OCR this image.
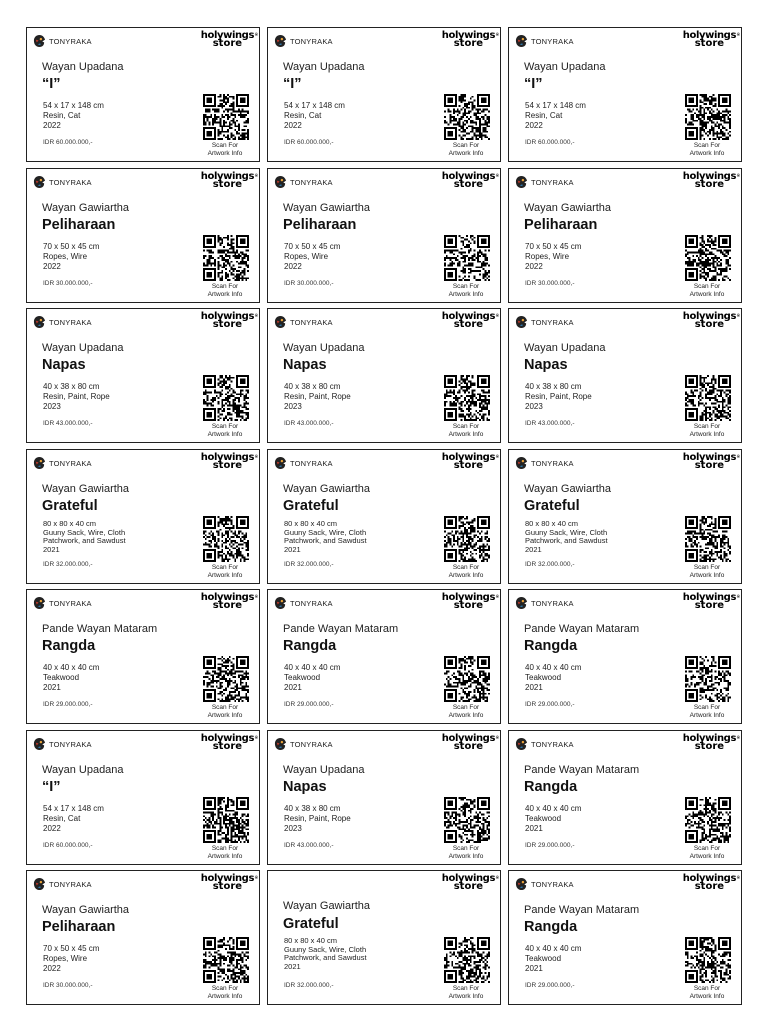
TONYRAKA	holywings ®
store
Wayan Upadana
“I”
54 x 17 x 148 cm
Resin, Cat
2022
IDR 60.000.000,-	Scan For
Artwork Info
TONYRAKA	holywings ®
store
Wayan Upadana
“I”
54 x 17 x 148 cm
Resin, Cat
2022
IDR 60.000.000,-	Scan For
Artwork Info
TONYRAKA	holywings ®
store
Wayan Upadana
“I”
54 x 17 x 148 cm
Resin, Cat
2022
IDR 60.000.000,-	Scan For
Artwork Info
TONYRAKA	holywings ®
store
Wayan Gawiartha
Peliharaan
70 x 50 x 45 cm
Ropes, Wire
2022
IDR 30.000.000,-	Scan For
Artwork Info
TONYRAKA	holywings ®
store
Wayan Gawiartha
Peliharaan
70 x 50 x 45 cm
Ropes, Wire
2022
IDR 30.000.000,-	Scan For
Artwork Info
TONYRAKA	holywings ®
store
Wayan Gawiartha
Peliharaan
70 x 50 x 45 cm
Ropes, Wire
2022
IDR 30.000.000,-	Scan For
Artwork Info
TONYRAKA	holywings ®
store
Wayan Upadana
Napas
40 x 38 x 80 cm
Resin, Paint, Rope
2023
IDR 43.000.000,-	Scan For
Artwork Info
TONYRAKA	holywings ®
store
Wayan Upadana
Napas
40 x 38 x 80 cm
Resin, Paint, Rope
2023
IDR 43.000.000,-	Scan For
Artwork Info
TONYRAKA	holywings ®
store
Wayan Upadana
Napas
40 x 38 x 80 cm
Resin, Paint, Rope
2023
IDR 43.000.000,-	Scan For
Artwork Info
TONYRAKA	holywings ®
store
Wayan Gawiartha
Grateful
80 x 80 x 40 cm
Guuny Sack, Wire, Cloth
Patchwork, and Sawdust
2021
IDR 32.000.000,-	Scan For
Artwork Info
TONYRAKA	holywings ®
store
Wayan Gawiartha
Grateful
80 x 80 x 40 cm
Guuny Sack, Wire, Cloth
Patchwork, and Sawdust
2021
IDR 32.000.000,-	Scan For
Artwork Info
TONYRAKA	holywings ®
store
Wayan Gawiartha
Grateful
80 x 80 x 40 cm
Guuny Sack, Wire, Cloth
Patchwork, and Sawdust
2021
IDR 32.000.000,-	Scan For
Artwork Info
TONYRAKA	holywings ®
store
Pande Wayan Mataram
Rangda
40 x 40 x 40 cm
Teakwood
2021
IDR 29.000.000,-	Scan For
Artwork Info
TONYRAKA	holywings ®
store
Pande Wayan Mataram
Rangda
40 x 40 x 40 cm
Teakwood
2021
IDR 29.000.000,-	Scan For
Artwork Info
TONYRAKA	holywings ®
store
Pande Wayan Mataram
Rangda
40 x 40 x 40 cm
Teakwood
2021
IDR 29.000.000,-	Scan For
Artwork Info
TONYRAKA	holywings ®
store
Wayan Upadana
“I”
54 x 17 x 148 cm
Resin, Cat
2022
IDR 60.000.000,-	Scan For
Artwork Info
TONYRAKA	holywings ®
store
Wayan Upadana
Napas
40 x 38 x 80 cm
Resin, Paint, Rope
2023
IDR 43.000.000,-	Scan For
Artwork Info
TONYRAKA	holywings ®
store
Pande Wayan Mataram
Rangda
40 x 40 x 40 cm
Teakwood
2021
IDR 29.000.000,-	Scan For
Artwork Info
TONYRAKA	holywings ®
store
Wayan Gawiartha
Peliharaan
70 x 50 x 45 cm
Ropes, Wire
2022
IDR 30.000.000,-	Scan For
Artwork Info
holywings ®
store
Wayan Gawiartha
Grateful
80 x 80 x 40 cm
Guuny Sack, Wire, Cloth
Patchwork, and Sawdust
2021
IDR 32.000.000,-	Scan For
Artwork Info
TONYRAKA	holywings ®
store
Pande Wayan Mataram
Rangda
40 x 40 x 40 cm
Teakwood
2021
IDR 29.000.000,-	Scan For
Artwork Info
